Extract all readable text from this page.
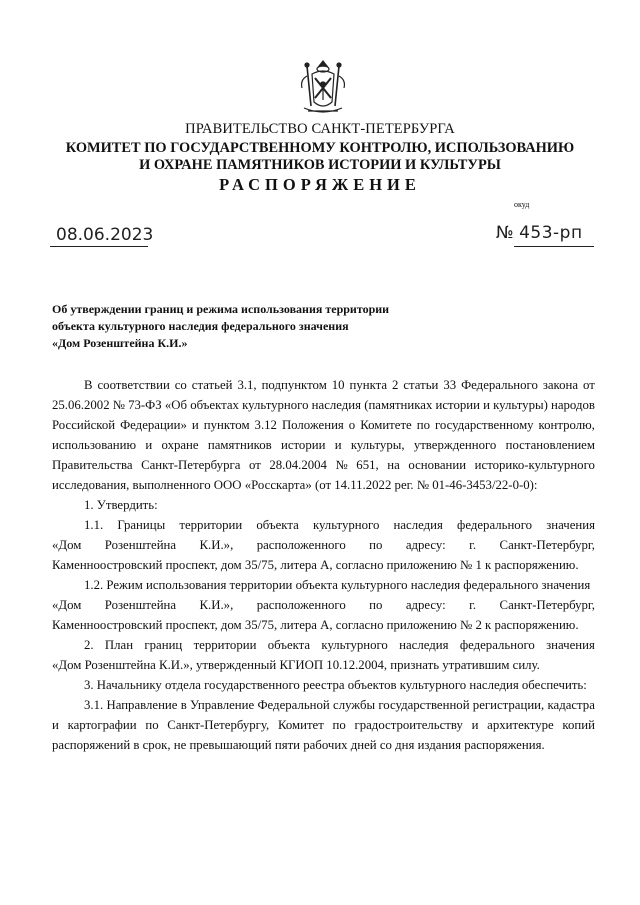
ПРАВИТЕЛЬСТВО САНКТ-ПЕТЕРБУРГА
КОМИТЕТ ПО ГОСУДАРСТВЕННОМУ КОНТРОЛЮ, ИСПОЛЬЗОВАНИЮ
И ОХРАНЕ ПАМЯТНИКОВ ИСТОРИИ И КУЛЬТУРЫ
РАСПОРЯЖЕНИЕ
окуд
08.06.2023	№ 453-рп
Об утверждении границ и режима использования территории
объекта культурного наследия федерального значения
«Дом Розенштейна К.И.»
В соответствии со статьей 3.1, подпунктом 10 пункта 2 статьи 33 Федерального закона от
25.06.2002 № 73-ФЗ «Об объектах культурного наследия (памятниках истории и культуры) народов
Российской Федерации» и пунктом 3.12 Положения о Комитете по государственному контролю,
использованию и охране памятников истории и культуры, утвержденного постановлением
Правительства Санкт-Петербурга от 28.04.2004 № 651, на основании историко-культурного
исследования, выполненного ООО «Росскарта» (от 14.11.2022 рег. № 01-46-3453/22-0-0):
1. Утвердить:
1.1. Границы территории объекта культурного наследия федерального значения
«Дом Розенштейна К.И.», расположенного по адресу: г. Санкт-Петербург,
Каменноостровский проспект, дом 35/75, литера А, согласно приложению № 1 к распоряжению.
1.2. Режим использования территории объекта культурного наследия федерального значения
«Дом Розенштейна К.И.», расположенного по адресу: г. Санкт-Петербург,
Каменноостровский проспект, дом 35/75, литера А, согласно приложению № 2 к распоряжению.
2. План границ территории объекта культурного наследия федерального значения
«Дом Розенштейна К.И.», утвержденный КГИОП 10.12.2004, признать утратившим силу.
3. Начальнику отдела государственного реестра объектов культурного наследия обеспечить:
3.1. Направление в Управление Федеральной службы государственной регистрации, кадастра
и картографии по Санкт-Петербургу, Комитет по градостроительству и архитектуре копий
распоряжений в срок, не превышающий пяти рабочих дней со дня издания распоряжения.
